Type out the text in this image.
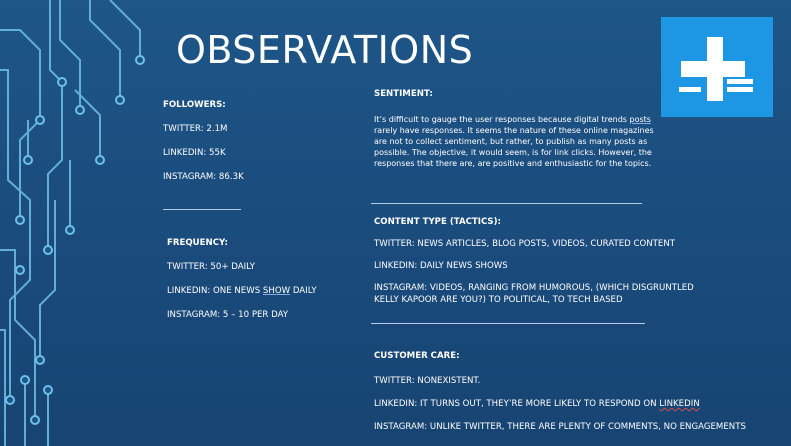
OBSERVATIONS
FOLLOWERS:
TWITTER: 2.1M
LINKEDIN: 55K
INSTAGRAM: 86.3K
FREQUENCY:
TWITTER: 50+ DAILY
LINKEDIN: ONE NEWS SHOW DAILY
INSTAGRAM: 5 – 10 PER DAY
SENTIMENT:
It’s difficult to gauge the user responses because digital trends posts rarely have responses. It seems the nature of these online magazines are not to collect sentiment, but rather, to publish as many posts as possible. The objective, it would seem, is for link clicks. However, the responses that there are, are positive and enthusiastic for the topics.
CONTENT TYPE (TACTICS):
TWITTER: NEWS ARTICLES, BLOG POSTS, VIDEOS, CURATED CONTENT
LINKEDIN: DAILY NEWS SHOWS
INSTAGRAM: VIDEOS, RANGING FROM HUMOROUS, (WHICH DISGRUNTLED
KELLY KAPOOR ARE YOU?) TO POLITICAL, TO TECH BASED
CUSTOMER CARE:
TWITTER: NONEXISTENT.
LINKEDIN: IT TURNS OUT, THEY’RE MORE LIKELY TO RESPOND ON LINKEDIN
INSTAGRAM: UNLIKE TWITTER, THERE ARE PLENTY OF COMMENTS, NO ENGAGEMENTS
